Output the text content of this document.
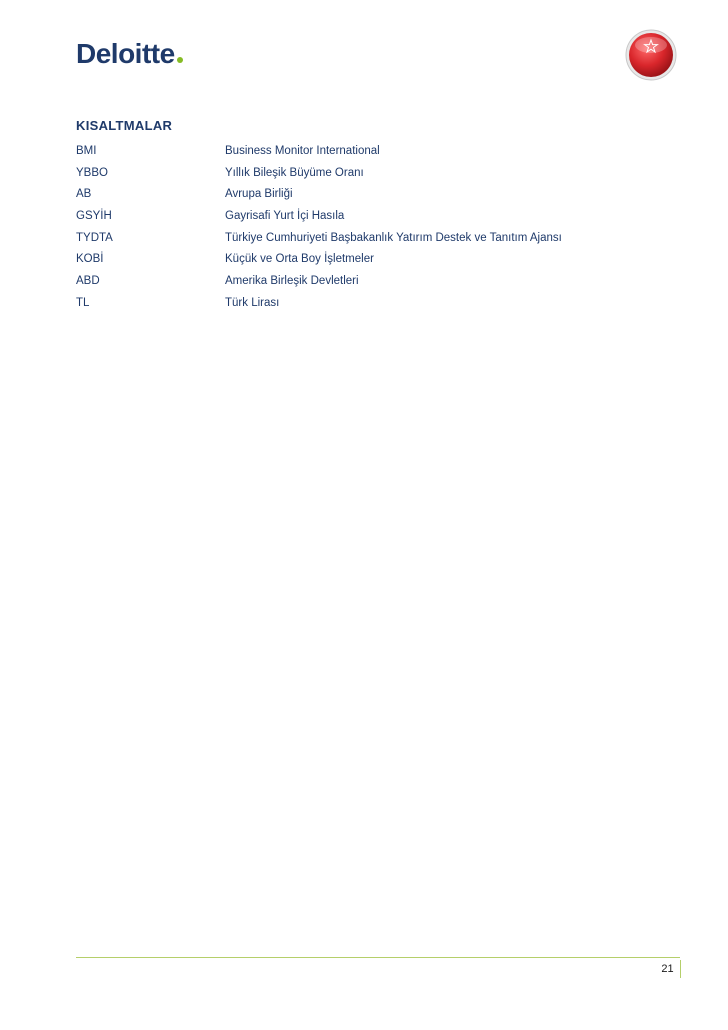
Deloitte
KISALTMALAR
BMI	Business Monitor International
YBBO	Yıllık Bileşik Büyüme Oranı
AB	Avrupa Birliği
GSYİH	Gayrisafi Yurt İçi Hasıla
TYDTA	Türkiye Cumhuriyeti Başbakanlık Yatırım Destek ve Tanıtım Ajansı
KOBİ	Küçük ve Orta Boy İşletmeler
ABD	Amerika Birleşik Devletleri
TL	Türk Lirası
21
